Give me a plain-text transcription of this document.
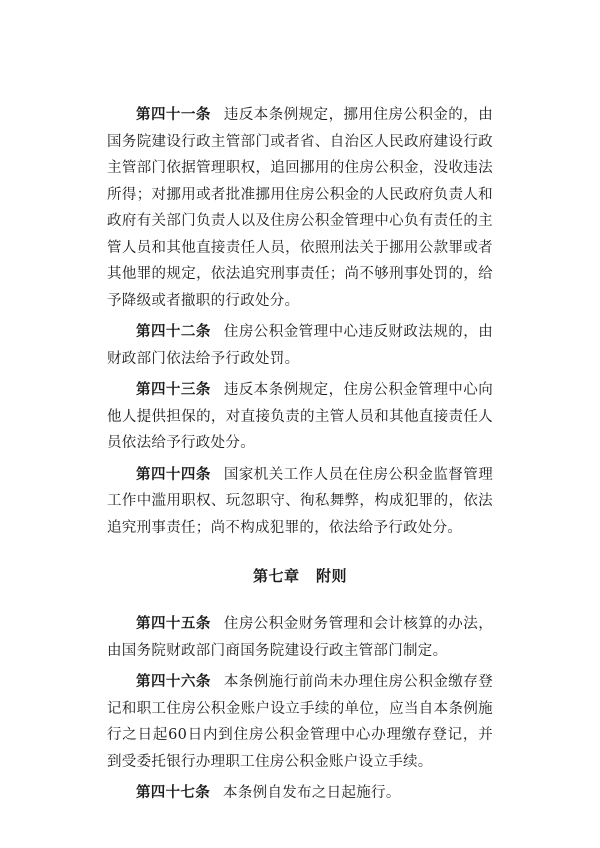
第四十一条 违反本条例规定，挪用住房公积金的，由国务院建设行政主管部门或者省、自治区人民政府建设行政主管部门依据管理职权，追回挪用的住房公积金，没收违法所得；对挪用或者批准挪用住房公积金的人民政府负责人和政府有关部门负责人以及住房公积金管理中心负有责任的主管人员和其他直接责任人员，依照刑法关于挪用公款罪或者其他罪的规定，依法追究刑事责任；尚不够刑事处罚的，给予降级或者撤职的行政处分。

第四十二条 住房公积金管理中心违反财政法规的，由财政部门依法给予行政处罚。

第四十三条 违反本条例规定，住房公积金管理中心向他人提供担保的，对直接负责的主管人员和其他直接责任人员依法给予行政处分。

第四十四条 国家机关工作人员在住房公积金监督管理工作中滥用职权、玩忽职守、徇私舞弊，构成犯罪的，依法追究刑事责任；尚不构成犯罪的，依法给予行政处分。

第七章 附则

第四十五条 住房公积金财务管理和会计核算的办法，由国务院财政部门商国务院建设行政主管部门制定。

第四十六条 本条例施行前尚未办理住房公积金缴存登记和职工住房公积金账户设立手续的单位，应当自本条例施行之日起60日内到住房公积金管理中心办理缴存登记，并到受委托银行办理职工住房公积金账户设立手续。

第四十七条 本条例自发布之日起施行。
